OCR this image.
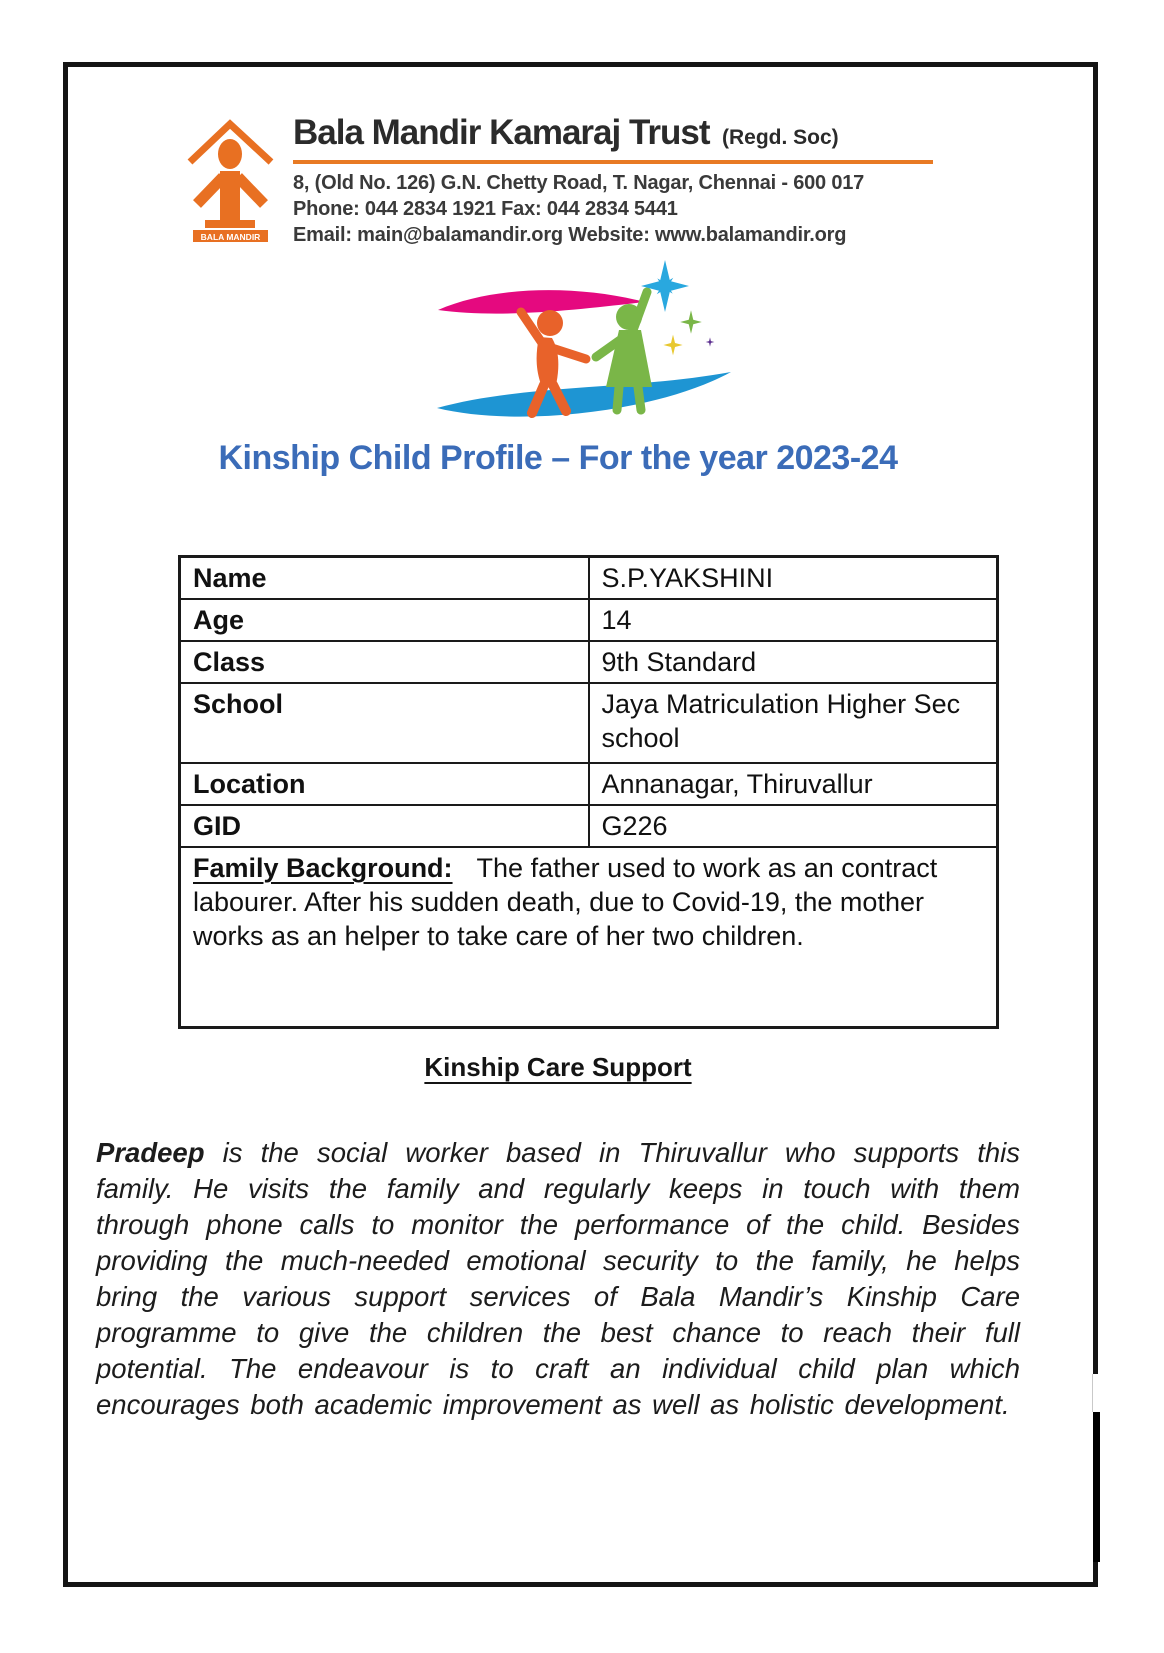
BALA MANDIR
Bala Mandir Kamaraj Trust (Regd. Soc)
8, (Old No. 126) G.N. Chetty Road, T. Nagar, Chennai - 600 017
Phone: 044 2834 1921 Fax: 044 2834 5441
Email: main@balamandir.org Website: www.balamandir.org
Kinship Child Profile – For the year 2023-24
Name	S.P.YAKSHINI
Age	14
Class	9th Standard
School	Jaya Matriculation Higher Sec school
Location	Annanagar, Thiruvallur
GID	G226
Family Background: The father used to work as an contract labourer. After his sudden death, due to Covid-19, the mother works as an helper to take care of her two children.	
Kinship Care Support

Pradeep is the social worker based in Thiruvallur who supports this family. He visits the family and regularly keeps in touch with them through phone calls to monitor the performance of the child. Besides providing the much-needed emotional security to the family, he helps bring the various support services of Bala Mandir’s Kinship Care programme to give the children the best chance to reach their full potential. The endeavour is to craft an individual child plan which encourages both academic improvement as well as holistic development.
